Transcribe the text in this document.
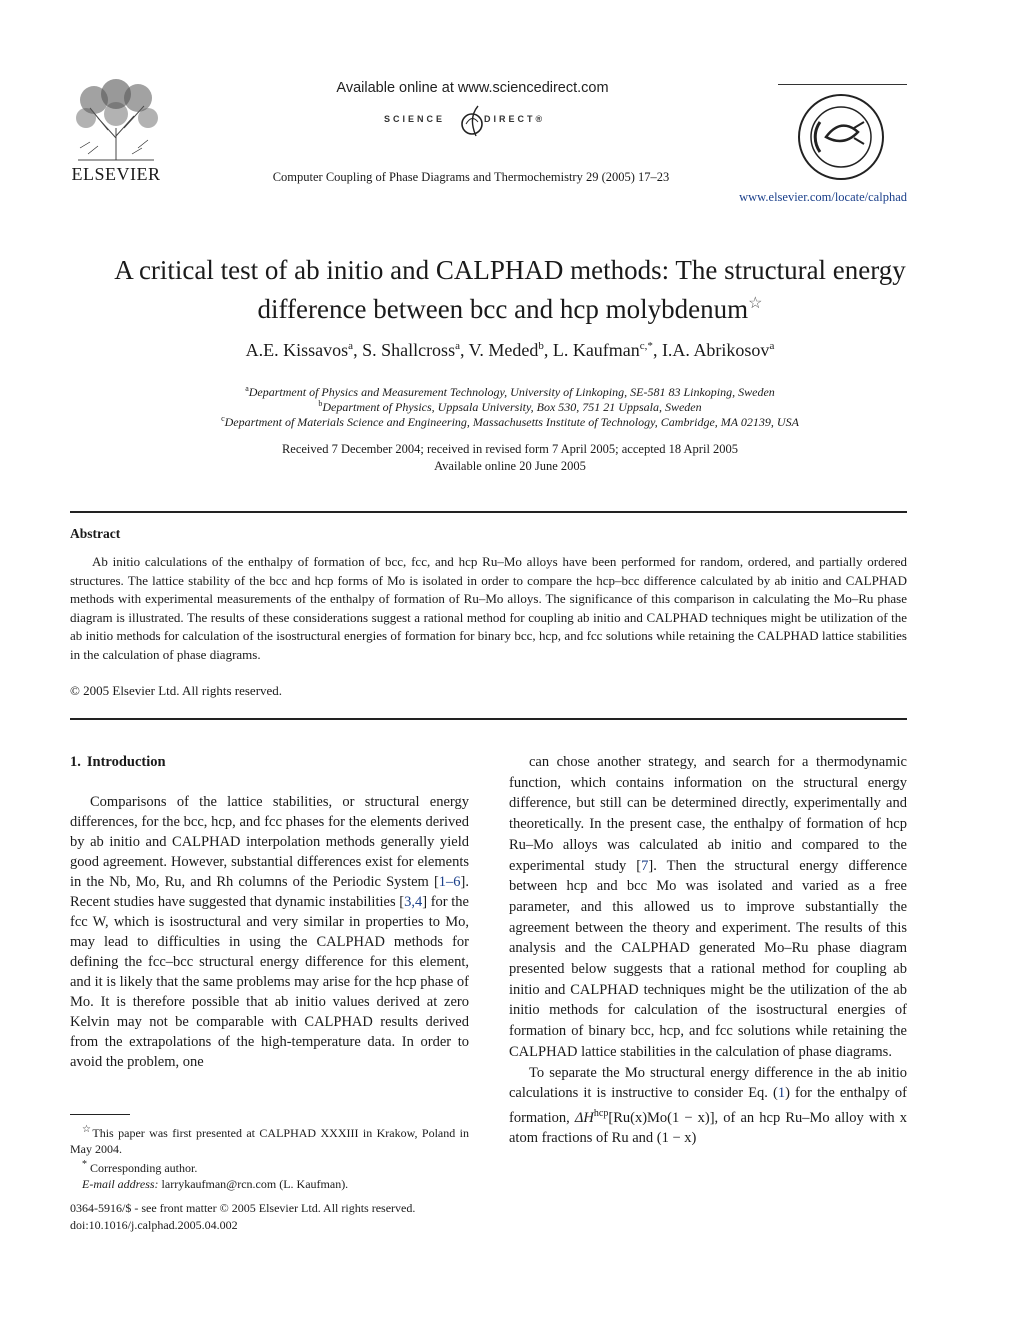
ELSEVIER
Available online at www.sciencedirect.com
SCIENCE	DIRECT®
Computer Coupling of Phase Diagrams and Thermochemistry 29 (2005) 17–23
www.elsevier.com/locate/calphad
A critical test of ab initio and CALPHAD methods: The structural energy
difference between bcc and hcp molybdenum☆
A.E. Kissavos$^a$, S. Shallcross$^a$, V. Meded$^b$, L. Kaufman$^{c,*}$, I.A. Abrikosov$^a$
$^a$Department of Physics and Measurement Technology, University of Linkoping, SE-581 83 Linkoping, Sweden
$^b$Department of Physics, Uppsala University, Box 530, 751 21 Uppsala, Sweden
$^c$Department of Materials Science and Engineering, Massachusetts Institute of Technology, Cambridge, MA 02139, USA
Received 7 December 2004; received in revised form 7 April 2005; accepted 18 April 2005
Available online 20 June 2005
Abstract
Ab initio calculations of the enthalpy of formation of bcc, fcc, and hcp Ru–Mo alloys have been performed for random, ordered, and partially ordered structures. The lattice stability of the bcc and hcp forms of Mo is isolated in order to compare the hcp–bcc difference calculated by ab initio and CALPHAD methods with experimental measurements of the enthalpy of formation of Ru–Mo alloys. The significance of this comparison in calculating the Mo–Ru phase diagram is illustrated. The results of these considerations suggest a rational method for coupling ab initio and CALPHAD techniques might be utilization of the ab initio methods for calculation of the isostructural energies of formation for binary bcc, hcp, and fcc solutions while retaining the CALPHAD lattice stabilities in the calculation of phase diagrams.
© 2005 Elsevier Ltd. All rights reserved.
1. Introduction

Comparisons of the lattice stabilities, or structural energy differences, for the bcc, hcp, and fcc phases for the elements derived by ab initio and CALPHAD interpolation methods generally yield good agreement. However, substantial differences exist for elements in the Nb, Mo, Ru, and Rh columns of the Periodic System [1–6]. Recent studies have suggested that dynamic instabilities [3,4] for the fcc W, which is isostructural and very similar in properties to Mo, may lead to difficulties in using the CALPHAD methods for defining the fcc–bcc structural energy difference for this element, and it is likely that the same problems may arise for the hcp phase of Mo. It is therefore possible that ab initio values derived at zero Kelvin may not be comparable with CALPHAD results derived from the extrapolations of the high-temperature data. In order to avoid the problem, one

can chose another strategy, and search for a thermodynamic function, which contains information on the structural energy difference, but still can be determined directly, experimentally and theoretically. In the present case, the enthalpy of formation of hcp Ru–Mo alloys was calculated ab initio and compared to the experimental study [7]. Then the structural energy difference between hcp and bcc Mo was isolated and varied as a free parameter, and this allowed us to improve substantially the agreement between the theory and experiment. The results of this analysis and the CALPHAD generated Mo–Ru phase diagram presented below suggests that a rational method for coupling ab initio and CALPHAD techniques might be the utilization of the ab initio methods for calculation of the isostructural energies of formation of binary bcc, hcp, and fcc solutions while retaining the CALPHAD lattice stabilities in the calculation of phase diagrams.

To separate the Mo structural energy difference in the ab initio calculations it is instructive to consider Eq. (1) for the enthalpy of formation, $\Delta H^{hcp}[Ru(x)Mo(1 - x)]$, of an hcp Ru–Mo alloy with x atom fractions of Ru and (1 − x)

☆This paper was first presented at CALPHAD XXXIII in Krakow, Poland in May 2004.
* Corresponding author.
E-mail address: larrykaufman@rcn.com (L. Kaufman).
0364-5916/$ - see front matter © 2005 Elsevier Ltd. All rights reserved.
doi:10.1016/j.calphad.2005.04.002
